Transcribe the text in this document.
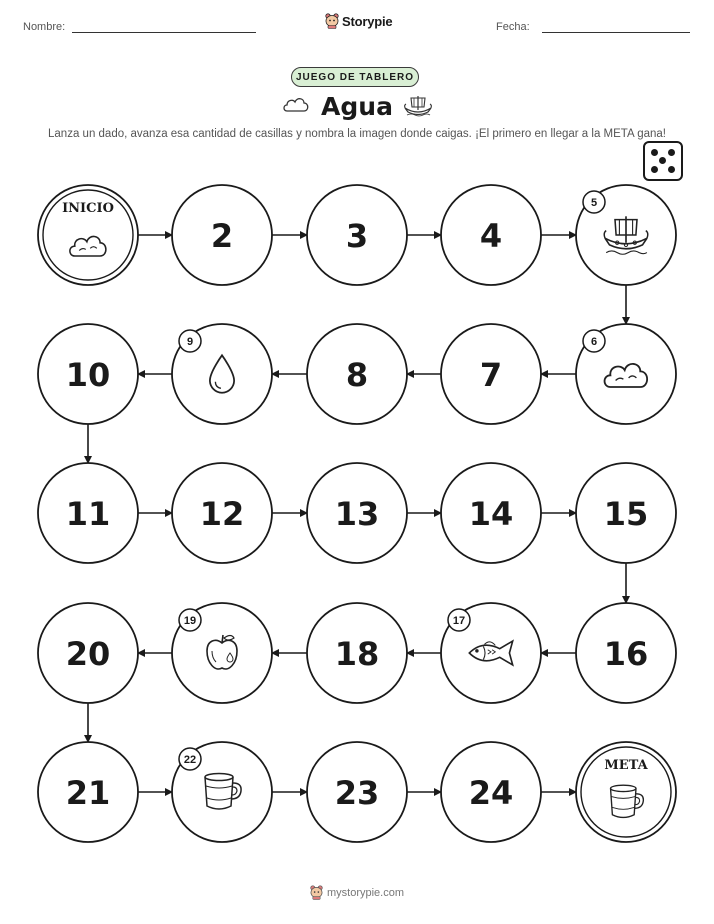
Nombre:	Fecha:
Storypie
JUEGO DE TABLERO
Agua
Lanza un dado, avanza esa cantidad de casillas y nombra la imagen donde caigas. ¡El primero en llegar a la META gana!
INICIO
2	3	4
5
6
7
8
9
10
11	12	13	14	15
16
17
18
19
20
21
22
23	24
META
mystorypie.com
